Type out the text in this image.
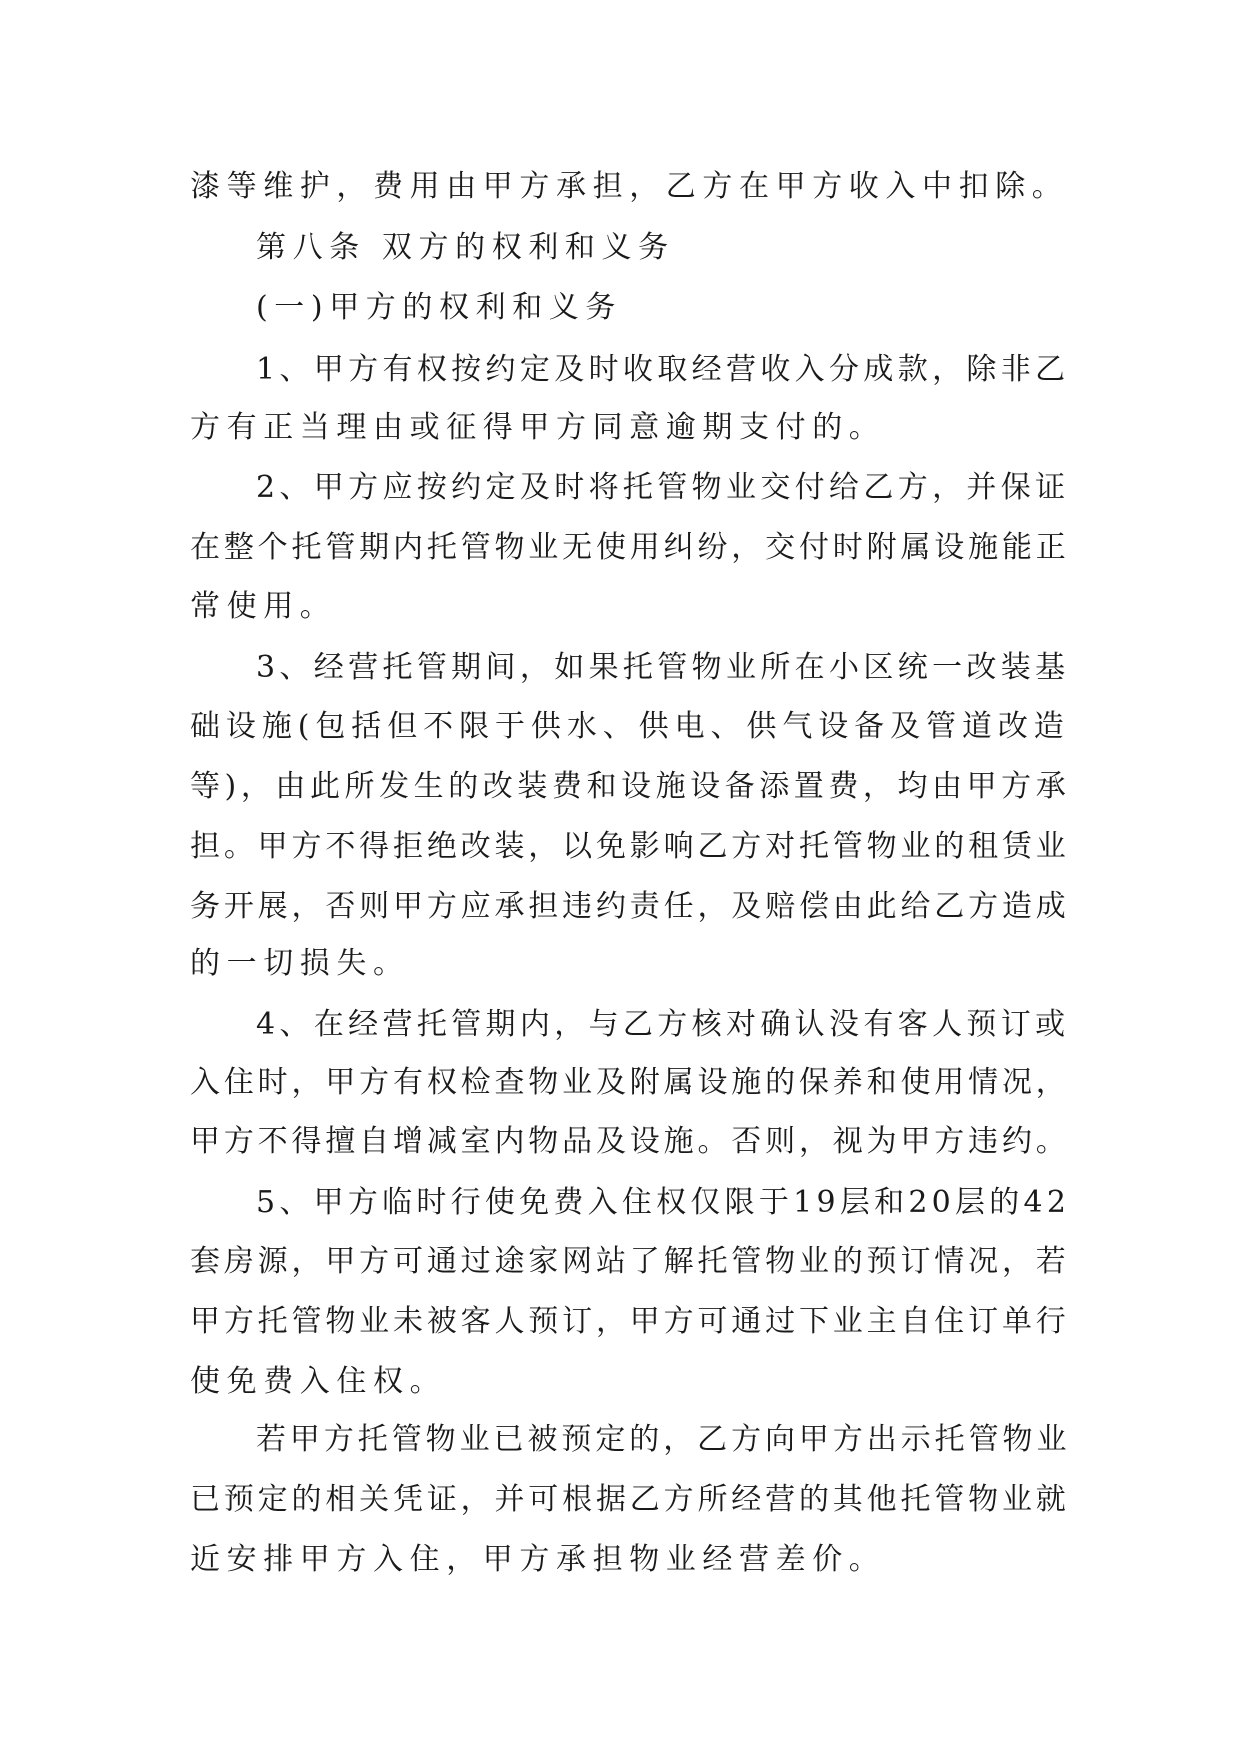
漆等维护，费用由甲方承担，乙方在甲方收入中扣除。

第八条 双方的权利和义务

(一)甲方的权利和义务

1、甲方有权按约定及时收取经营收入分成款，除非乙

方有正当理由或征得甲方同意逾期支付的。

2、甲方应按约定及时将托管物业交付给乙方，并保证

在整个托管期内托管物业无使用纠纷，交付时附属设施能正

常使用。

3、经营托管期间，如果托管物业所在小区统一改装基

础设施(包括但不限于供水、供电、供气设备及管道改造

等)，由此所发生的改装费和设施设备添置费，均由甲方承

担。甲方不得拒绝改装，以免影响乙方对托管物业的租赁业

务开展，否则甲方应承担违约责任，及赔偿由此给乙方造成

的一切损失。

4、在经营托管期内，与乙方核对确认没有客人预订或

入住时，甲方有权检查物业及附属设施的保养和使用情况，

甲方不得擅自增减室内物品及设施。否则，视为甲方违约。

5、甲方临时行使免费入住权仅限于19层和20层的42

套房源，甲方可通过途家网站了解托管物业的预订情况，若

甲方托管物业未被客人预订，甲方可通过下业主自住订单行

使免费入住权。

若甲方托管物业已被预定的，乙方向甲方出示托管物业

已预定的相关凭证，并可根据乙方所经营的其他托管物业就

近安排甲方入住，甲方承担物业经营差价。
